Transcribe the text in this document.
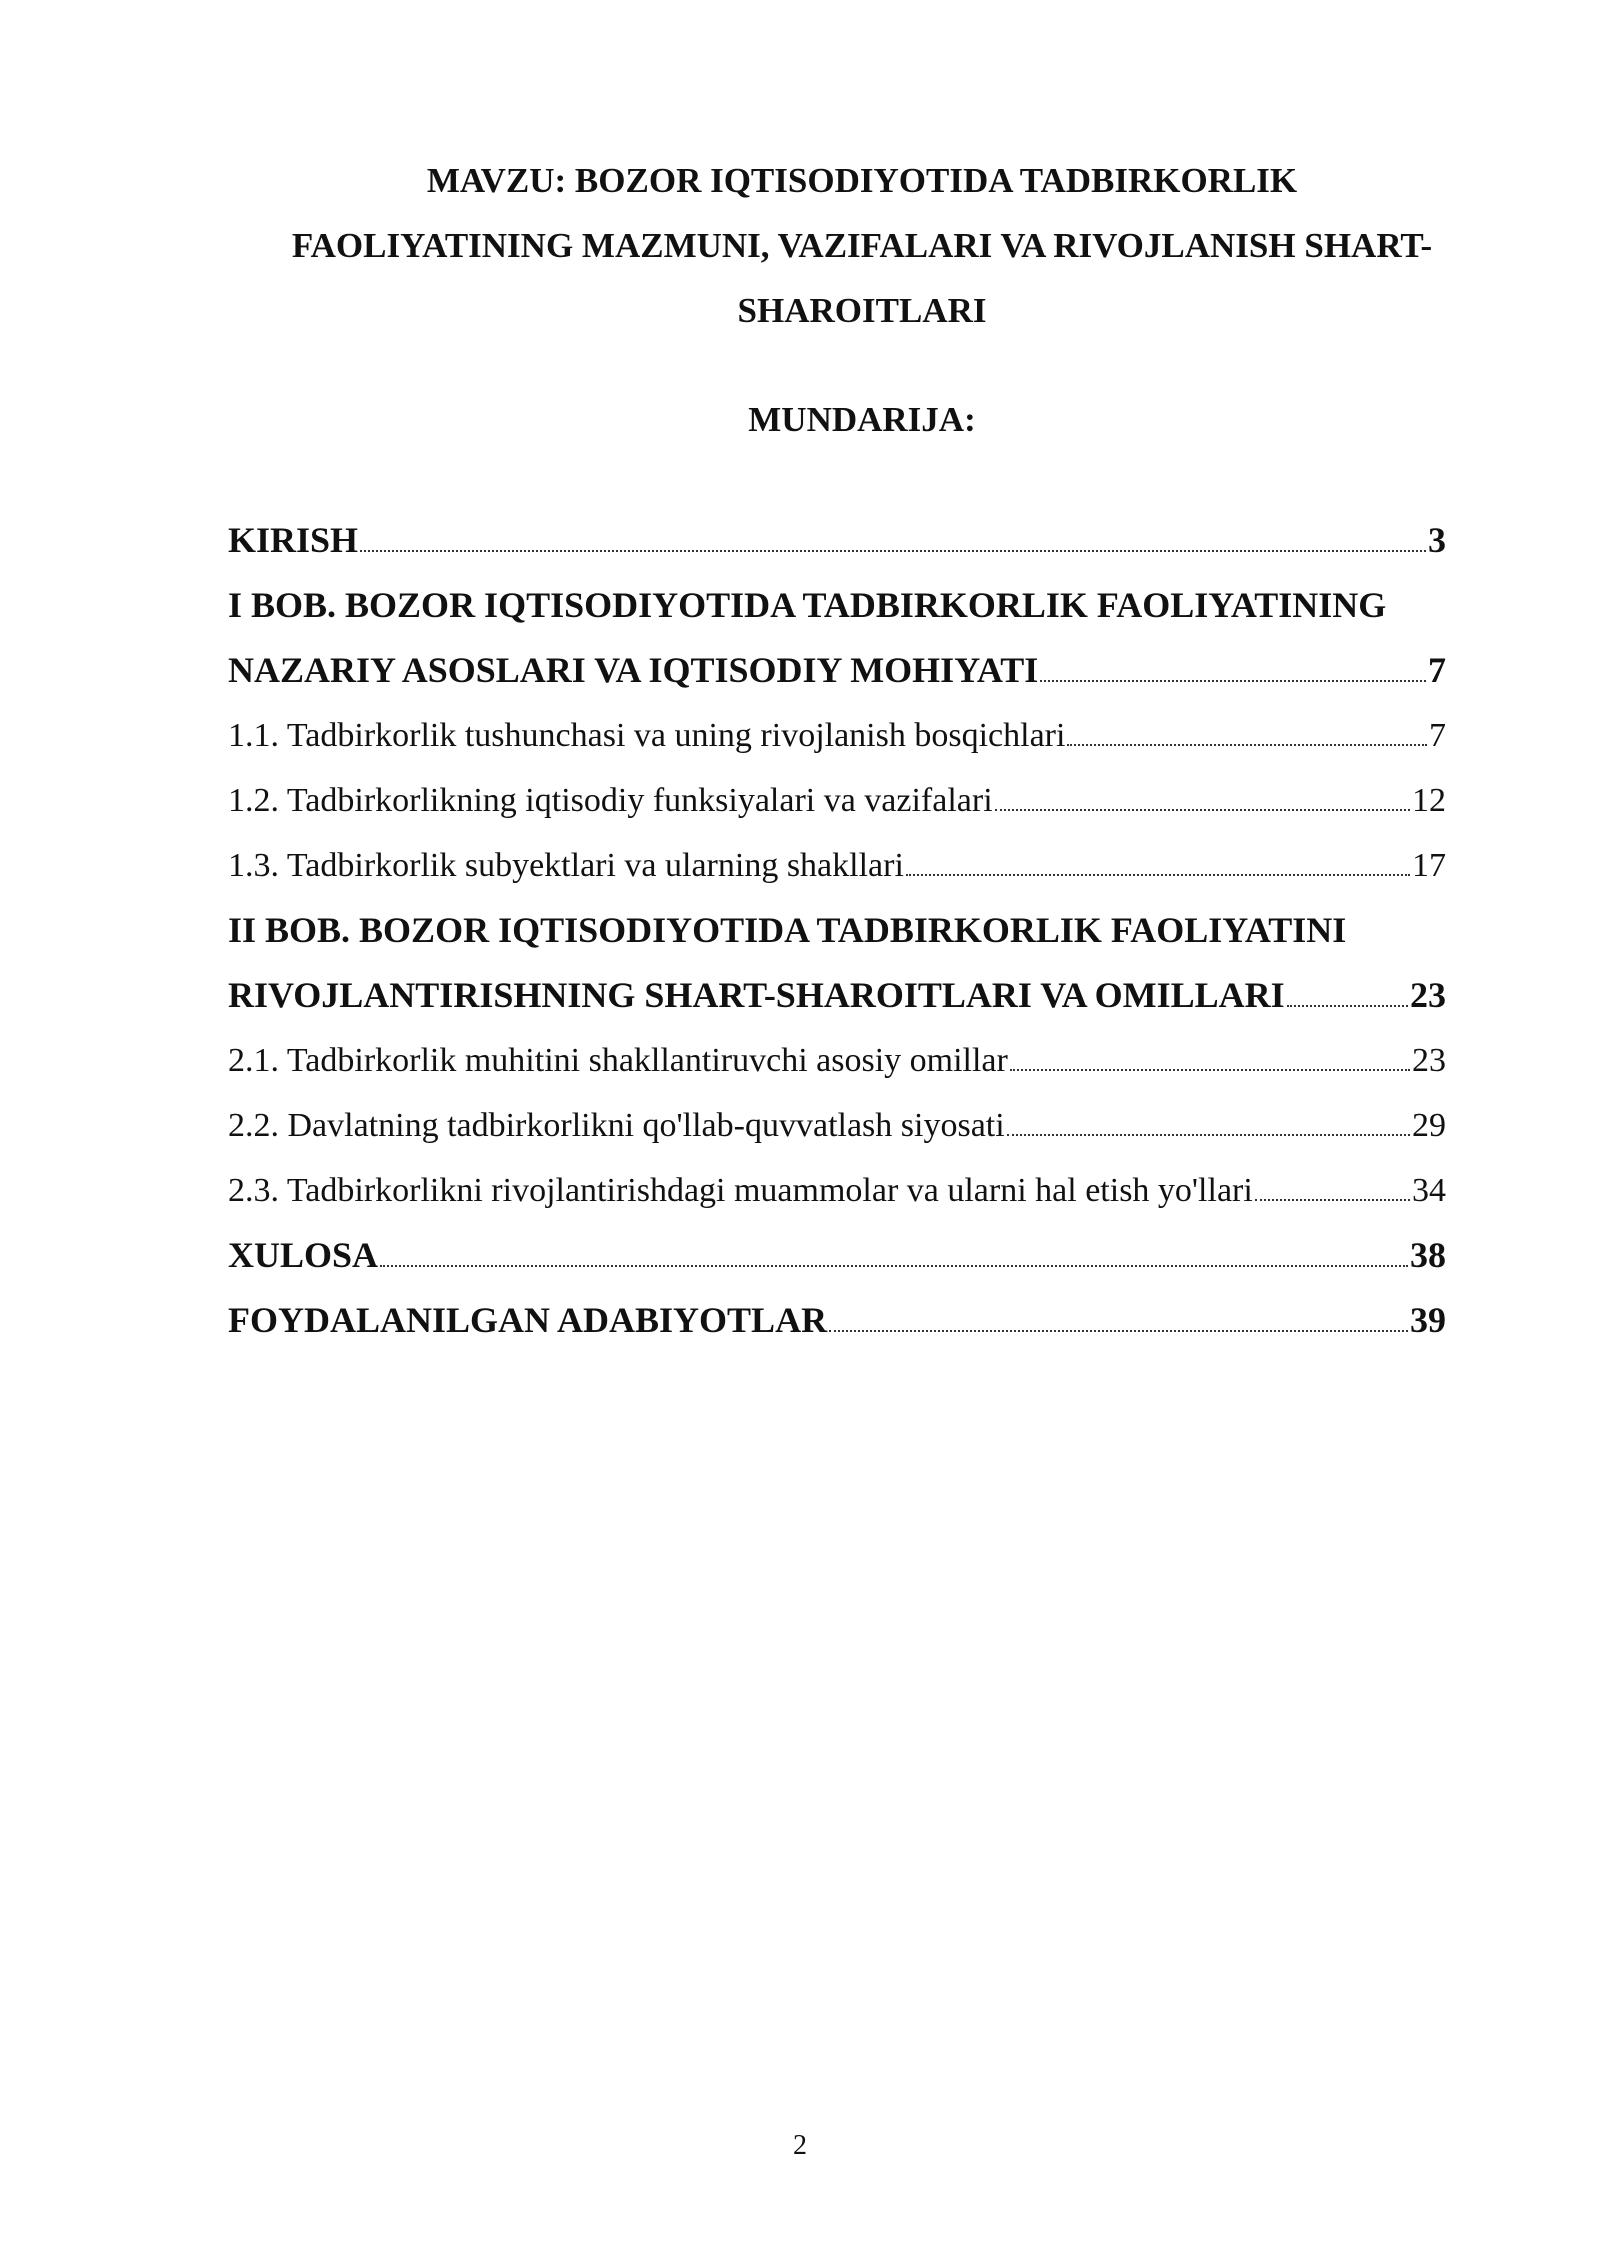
MAVZU: BOZOR IQTISODIYOTIDA TADBIRKORLIK
FAOLIYATINING MAZMUNI, VAZIFALARI VA RIVOJLANISH SHART-
SHAROITLARI
MUNDARIJA:
KIRISH	3
I BOB. BOZOR IQTISODIYOTIDA TADBIRKORLIK FAOLIYATINING
NAZARIY ASOSLARI VA IQTISODIY MOHIYATI	7
1.1. Tadbirkorlik tushunchasi va uning rivojlanish bosqichlari	7
1.2. Tadbirkorlikning iqtisodiy funksiyalari va vazifalari	12
1.3. Tadbirkorlik subyektlari va ularning shakllari	17
II BOB. BOZOR IQTISODIYOTIDA TADBIRKORLIK FAOLIYATINI
RIVOJLANTIRISHNING SHART-SHAROITLARI VA OMILLARI	23
2.1. Tadbirkorlik muhitini shakllantiruvchi asosiy omillar	23
2.2. Davlatning tadbirkorlikni qo'llab-quvvatlash siyosati	29
2.3. Tadbirkorlikni rivojlantirishdagi muammolar va ularni hal etish yo'llari	34
XULOSA	38
FOYDALANILGAN ADABIYOTLAR	39
2
